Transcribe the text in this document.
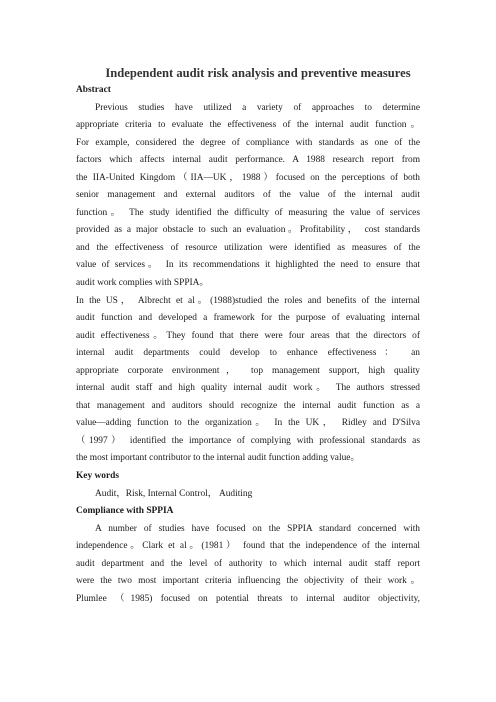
Independent audit risk analysis and preventive measures
Abstract

Previous studies have utilized a variety of approaches to determine
appropriate criteria to evaluate the effectiveness of the internal audit function。
For example, considered the degree of compliance with standards as one of the
factors which affects internal audit performance. A 1988 research report from
the IIA-United Kingdom（IIA—UK，1988）focused on the perceptions of both
senior management and external auditors of the value of the internal audit
function。 The study identified the difficulty of measuring the value of services
provided as a major obstacle to such an evaluation。Profitability， cost standards
and the effectiveness of resource utilization were identified as measures of the
value of services。 In its recommendations it highlighted the need to ensure that
audit work complies with SPPIA。

In the US， Albrecht et al。(1988)studied the roles and benefits of the internal
audit function and developed a framework for the purpose of evaluating internal
audit effectiveness。They found that there were four areas that the directors of
internal audit departments could develop to enhance effectiveness： an
appropriate corporate environment， top management support, high quality
internal audit staff and high quality internal audit work。 The authors stressed
that management and auditors should recognize the internal audit function as a
value—adding function to the organization。 In the UK， Ridley and D'Silva
（1997） identified the importance of complying with professional standards as
the most important contributor to the internal audit function adding value。

Key words
Audit，Risk, Internal Control， Auditing
Compliance with SPPIA

A number of studies have focused on the SPPIA standard concerned with
independence。Clark et al。(1981） found that the independence of the internal
audit department and the level of authority to which internal audit staff report
were the two most important criteria influencing the objectivity of their work。
Plumlee （1985) focused on potential threats to internal auditor objectivity,
